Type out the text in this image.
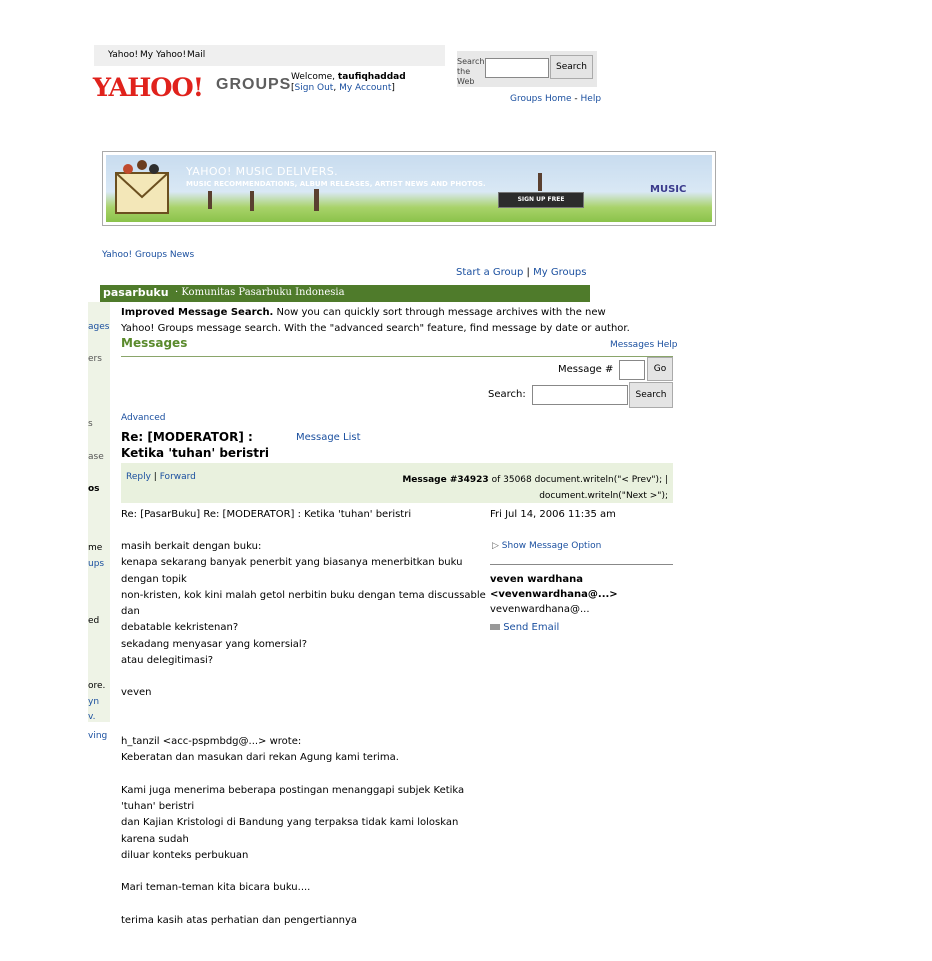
Yahoo! My Yahoo! Mail
YAHOO! GROUPS Welcome, taufiqhaddad
[Sign Out, My Account]
Search the Web
Search
Groups Home - Help
YAHOO! MUSIC DELIVERS.
MUSIC RECOMMENDATIONS, ALBUM RELEASES, ARTIST NEWS AND PHOTOS.
SIGN UP FREE
MUSIC
Yahoo! Groups News
Start a Group | My Groups
pasarbuku · Komunitas Pasarbuku Indonesia
ages
ers
s
ase
os
me
ups
ed
ore.
yn
v.
ving
Improved Message Search. Now you can quickly sort through message archives with the new Yahoo! Groups message search. With the "advanced search" feature, find message by date or author.
Messages	Messages Help
Message #	Go
Search:	Search
Advanced
Re: [MODERATOR] : Ketika 'tuhan' beristri
Message List
Reply | Forward	Message #34923 of 35068 document.writeln("< Prev"); |
document.writeln("Next >");
Re: [PasarBuku] Re: [MODERATOR] : Ketika 'tuhan' beristri	Fri Jul 14, 2006 11:35 am
masih berkait dengan buku:
kenapa sekarang banyak penerbit yang biasanya menerbitkan buku
dengan topik
non-kristen, kok kini malah getol nerbitin buku dengan tema discussable
dan
debatable kekristenan?
sekadang menyasar yang komersial?
atau delegitimasi?

veven

h_tanzil <acc-pspmbdg@...> wrote:
Keberatan dan masukan dari rekan Agung kami terima.

Kami juga menerima beberapa postingan menanggapi subjek Ketika
'tuhan' beristri
dan Kajian Kristologi di Bandung yang terpaksa tidak kami loloskan
karena sudah
diluar konteks perbukuan

Mari teman-teman kita bicara buku....

terima kasih atas perhatian dan pengertiannya
▷ Show Message Option
veven wardhana
<vevenwardhana@...>
vevenwardhana@...
Send Email
